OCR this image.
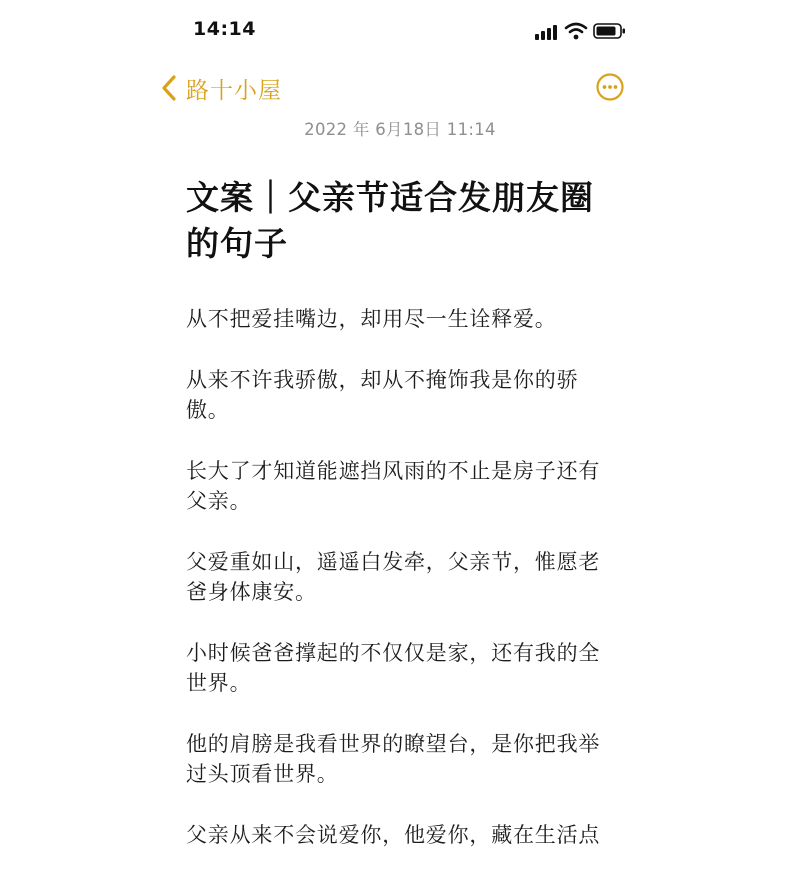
14:14
路十小屋
2022 年 6月18日 11:14
文案｜父亲节适合发朋友圈的句子

从不把爱挂嘴边，却用尽一生诠释爱。

从来不许我骄傲，却从不掩饰我是你的骄傲。

长大了才知道能遮挡风雨的不止是房子还有父亲。

父爱重如山，遥遥白发牵，父亲节，惟愿老爸身体康安。

小时候爸爸撑起的不仅仅是家，还有我的全世界。

他的肩膀是我看世界的瞭望台，是你把我举过头顶看世界。

父亲从来不会说爱你，他爱你，藏在生活点
